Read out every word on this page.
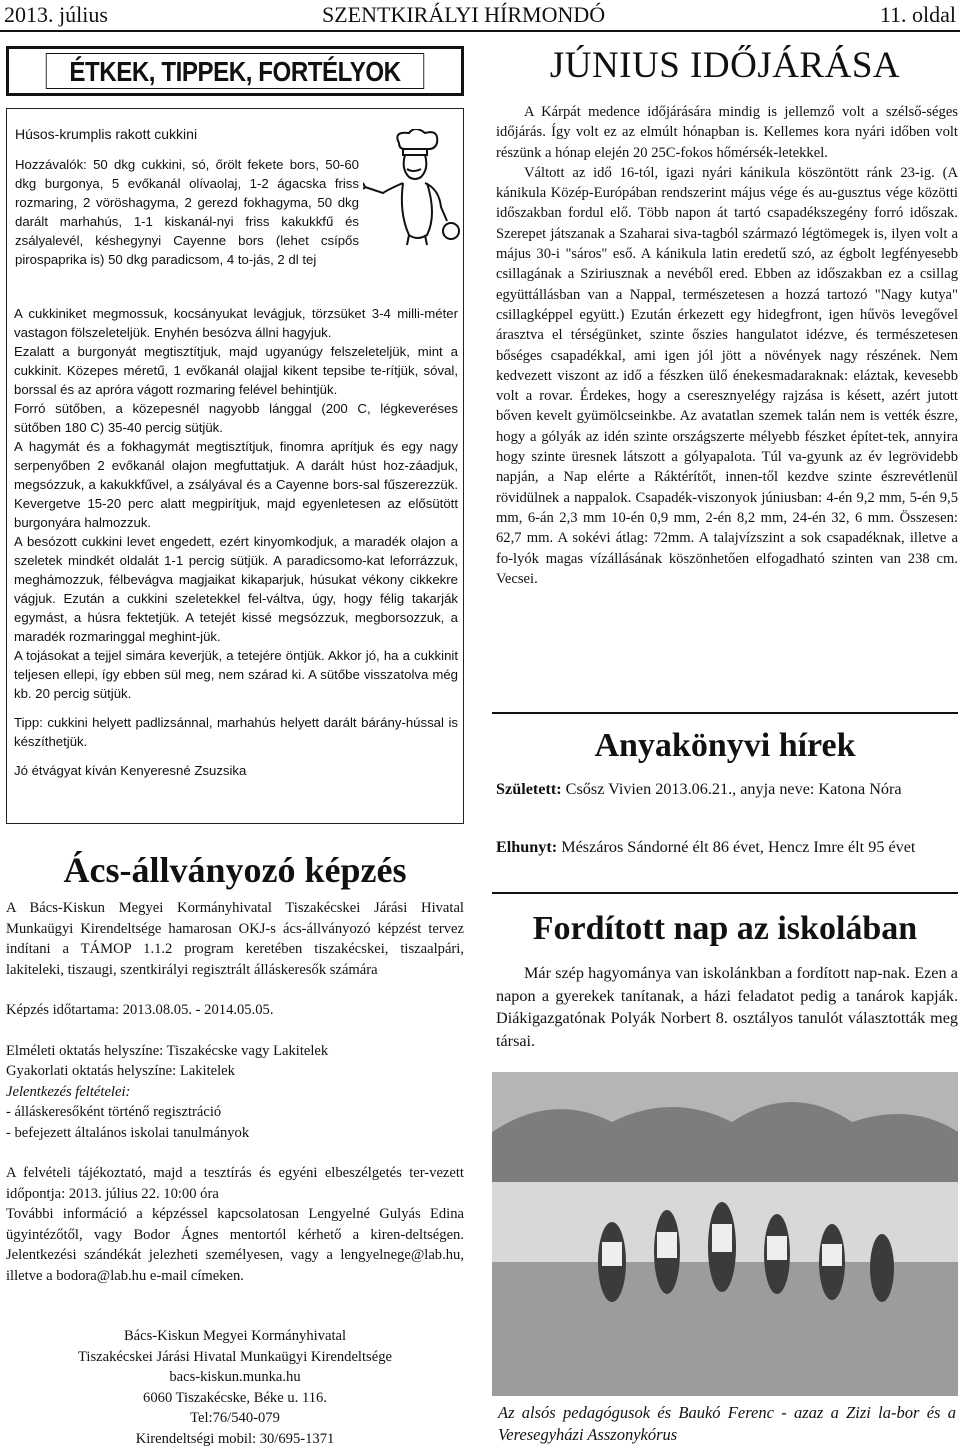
2013. július	SZENTKIRÁLYI HÍRMONDÓ	11. oldal
ÉTKEK, TIPPEK, FORTÉLYOK
Húsos-krumplis rakott cukkini
Hozzávalók: 50 dkg cukkini, só, őrölt fekete bors, 50-60 dkg burgonya, 5 evőkanál olívaolaj, 1-2 ágacska friss rozmaring, 2 vöröshagyma, 2 gerezd fokhagyma, 50 dkg darált marhahús, 1-1 kiskanál-nyi friss kakukkfű és zsályalevél, késhegynyi Cayenne bors (lehet csípős pirospaprika is) 50 dkg paradicsom, 4 to-jás, 2 dl tej

A cukkiniket megmossuk, kocsányukat levágjuk, törzsüket 3-4 milli-méter vastagon fölszeleteljük. Enyhén besózva állni hagyjuk.

Ezalatt a burgonyát megtisztítjuk, majd ugyanúgy felszeleteljük, mint a cukkinit. Közepes méretű, 1 evőkanál olajjal kikent tepsibe te-rítjük, sóval, borssal és az apróra vágott rozmaring felével behintjük.

Forró sütőben, a közepesnél nagyobb lánggal (200 C, légkeveréses sütőben 180 C) 35-40 percig sütjük.

A hagymát és a fokhagymát megtisztítjuk, finomra aprítjuk és egy nagy serpenyőben 2 evőkanál olajon megfuttatjuk. A darált húst hoz-záadjuk, megsózzuk, a kakukkfűvel, a zsályával és a Cayenne bors-sal fűszerezzük. Kevergetve 15-20 perc alatt megpirítjuk, majd egyenletesen az elősütött burgonyára halmozzuk.

A besózott cukkini levet engedett, ezért kinyomkodjuk, a maradék olajon a szeletek mindkét oldalát 1-1 percig sütjük. A paradicsomo-kat leforrázzuk, meghámozzuk, félbevágva magjaikat kikaparjuk, húsukat vékony cikkekre vágjuk. Ezután a cukkini szeletekkel fel-váltva, úgy, hogy félig takarják egymást, a húsra fektetjük. A tetejét kissé megsózzuk, megborsozzuk, a maradék rozmaringgal meghint-jük.

A tojásokat a tejjel simára keverjük, a tetejére öntjük. Akkor jó, ha a cukkinit teljesen ellepi, így ebben sül meg, nem szárad ki. A sütőbe visszatolva még kb. 20 percig sütjük.

Tipp: cukkini helyett padlizsánnal, marhahús helyett darált bárány-hússal is készíthetjük.

Jó étvágyat kíván Kenyeresné Zsuzsika

Ács-állványozó képzés

A Bács-Kiskun Megyei Kormányhivatal Tiszakécskei Járási Hivatal Munkaügyi Kirendeltsége hamarosan OKJ-s ács-állványozó képzést tervez indítani a TÁMOP 1.1.2 program keretében tiszakécskei, tiszaalpári, lakiteleki, tiszaugi, szentkirályi regisztrált álláskeresők számára

Képzés időtartama: 2013.08.05. - 2014.05.05.

Elméleti oktatás helyszíne: Tiszakécske vagy Lakitelek

Gyakorlati oktatás helyszíne: Lakitelek

Jelentkezés feltételei:

- álláskeresőként történő regisztráció

- befejezett általános iskolai tanulmányok

A felvételi tájékoztató, majd a tesztírás és egyéni elbeszélgetés ter-vezett időpontja: 2013. július 22. 10:00 óra

További információ a képzéssel kapcsolatosan Lengyelné Gulyás Edina ügyintézőtől, vagy Bodor Ágnes mentortól kérhető a kiren-deltségen. Jelentkezési szándékát jelezheti személyesen, vagy a lengyelnege@lab.hu, illetve a bodora@lab.hu e-mail címeken.

Bács-Kiskun Megyei Kormányhivatal
Tiszakécskei Járási Hivatal Munkaügyi Kirendeltsége
bacs-kiskun.munka.hu
6060 Tiszakécske, Béke u. 116.
Tel:76/540-079
Kirendeltségi mobil: 30/695-1371
JÚNIUS IDŐJÁRÁSA

A Kárpát medence időjárására mindig is jellemző volt a szélső-séges időjárás. Így volt ez az elmúlt hónapban is. Kellemes kora nyári időben volt részünk a hónap elején 20 25C-fokos hőmérsék-letekkel.

Váltott az idő 16-tól, igazi nyári kánikula köszöntött ránk 23-ig. (A kánikula Közép-Európában rendszerint május vége és au-gusztus vége közötti időszakban fordul elő. Több napon át tartó csapadékszegény forró időszak. Szerepet játszanak a Szaharai siva-tagból származó légtömegek is, ilyen volt a május 30-i "sáros" eső. A kánikula latin eredetű szó, az égbolt legfényesebb csillagának a Sziriusznak a nevéből ered. Ebben az időszakban ez a csillag együttállásban van a Nappal, természetesen a hozzá tartozó "Nagy kutya" csillagképpel együtt.) Ezután érkezett egy hidegfront, igen hűvös levegővel árasztva el térségünket, szinte őszies hangulatot idézve, és természetesen bőséges csapadékkal, ami igen jól jött a növények nagy részének. Nem kedvezett viszont az idő a fészken ülő énekesmadaraknak: eláztak, kevesebb volt a rovar. Érdekes, hogy a cseresznyelégy rajzása is késett, azért jutott bőven kevelt gyümölcseinkbe. Az avatatlan szemek talán nem is vették észre, hogy a gólyák az idén szinte országszerte mélyebb fészket építet-tek, annyira hogy szinte üresnek látszott a gólyapalota. Túl va-gyunk az év legrövidebb napján, a Nap elérte a Ráktérítőt, innen-től kezdve szinte észrevétlenül rövidülnek a nappalok. Csapadék-viszonyok júniusban: 4-én 9,2 mm, 5-én 9,5 mm, 6-án 2,3 mm 10-én 0,9 mm, 2-én 8,2 mm, 24-én 32, 6 mm. Összesen: 62,7 mm. A sokévi átlag: 72mm. A talajvízszint a sok csapadéknak, illetve a fo-lyók magas vízállásának köszönhetően elfogadható szinten van 238 cm. Vecsei.

Anyakönyvi hírek
Született: Csősz Vivien 2013.06.21., anyja neve: Katona Nóra
Elhunyt: Mészáros Sándorné élt 86 évet, Hencz Imre élt 95 évet
Fordított nap az iskolában
Már szép hagyománya van iskolánkban a fordított nap-nak. Ezen a napon a gyerekek tanítanak, a házi feladatot pedig a tanárok kapják. Diákigazgatónak Polyák Norbert 8. osztályos tanulót választották meg társai.
Az alsós pedagógusok és Baukó Ferenc - azaz a Zizi la-bor és a Veresegyházi Asszonykórus
